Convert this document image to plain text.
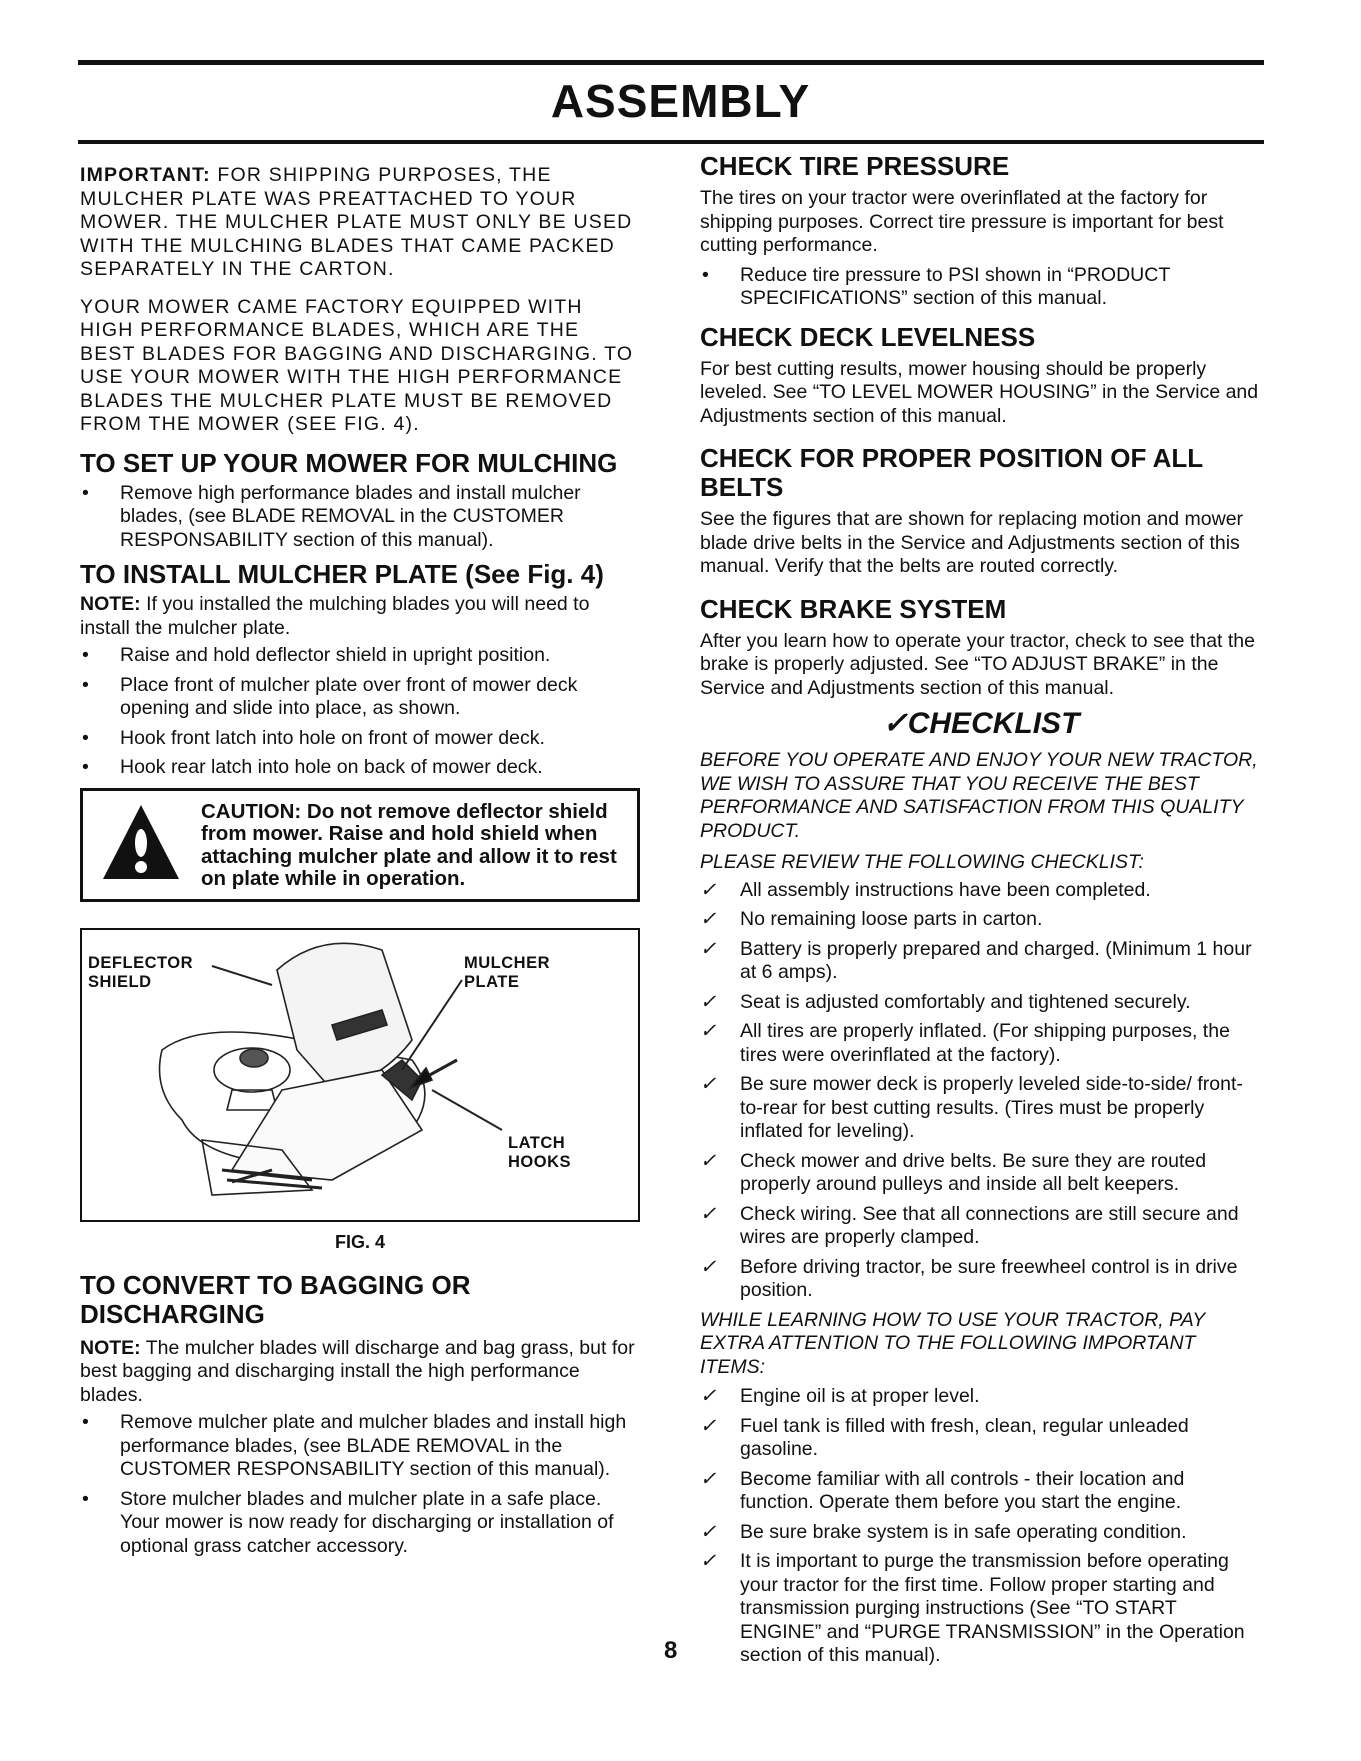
ASSEMBLY

IMPORTANT: FOR SHIPPING PURPOSES, THE MULCHER PLATE WAS PREATTACHED TO YOUR MOWER. THE MULCHER PLATE MUST ONLY BE USED WITH THE MULCHING BLADES THAT CAME PACKED SEPARATELY IN THE CARTON.

YOUR MOWER CAME FACTORY EQUIPPED WITH HIGH PERFORMANCE BLADES, WHICH ARE THE BEST BLADES FOR BAGGING AND DISCHARGING. TO USE YOUR MOWER WITH THE HIGH PERFORMANCE BLADES THE MULCHER PLATE MUST BE REMOVED FROM THE MOWER (SEE FIG. 4).

TO SET UP YOUR MOWER FOR MULCHING
• Remove high performance blades and install mulcher blades, (see BLADE REMOVAL in the CUSTOMER RESPONSABILITY section of this manual).
TO INSTALL MULCHER PLATE (See Fig. 4)

NOTE: If you installed the mulching blades you will need to install the mulcher plate.

• Raise and hold deflector shield in upright position.
• Place front of mulcher plate over front of mower deck opening and slide into place, as shown.
• Hook front latch into hole on front of mower deck.
• Hook rear latch into hole on back of mower deck.
CAUTION: Do not remove deflector shield from mower. Raise and hold shield when attaching mulcher plate and allow it to rest on plate while in operation.
DEFLECTOR
SHIELD
MULCHER
PLATE
LATCH
HOOKS
FIG. 4
TO CONVERT TO BAGGING OR DISCHARGING

NOTE: The mulcher blades will discharge and bag grass, but for best bagging and discharging install the high performance blades.

• Remove mulcher plate and mulcher blades and install high performance blades, (see BLADE REMOVAL in the CUSTOMER RESPONSABILITY section of this manual).
• Store mulcher blades and mulcher plate in a safe place. Your mower is now ready for discharging or installation of optional grass catcher accessory.
CHECK TIRE PRESSURE

The tires on your tractor were overinflated at the factory for shipping purposes. Correct tire pressure is important for best cutting performance.

• Reduce tire pressure to PSI shown in “PRODUCT SPECIFICATIONS” section of this manual.
CHECK DECK LEVELNESS

For best cutting results, mower housing should be properly leveled. See “TO LEVEL MOWER HOUSING” in the Service and Adjustments section of this manual.

CHECK FOR PROPER POSITION OF ALL BELTS

See the figures that are shown for replacing motion and mower blade drive belts in the Service and Adjustments section of this manual. Verify that the belts are routed correctly.

CHECK BRAKE SYSTEM

After you learn how to operate your tractor, check to see that the brake is properly adjusted. See “TO ADJUST BRAKE” in the Service and Adjustments section of this manual.

✓CHECKLIST

BEFORE YOU OPERATE AND ENJOY YOUR NEW TRACTOR, WE WISH TO ASSURE THAT YOU RECEIVE THE BEST PERFORMANCE AND SATISFACTION FROM THIS QUALITY PRODUCT.

PLEASE REVIEW THE FOLLOWING CHECKLIST:

✓ All assembly instructions have been completed.
✓ No remaining loose parts in carton.
✓ Battery is properly prepared and charged. (Minimum 1 hour at 6 amps).
✓ Seat is adjusted comfortably and tightened securely.
✓ All tires are properly inflated. (For shipping purposes, the tires were overinflated at the factory).
✓ Be sure mower deck is properly leveled side-to-side/ front-to-rear for best cutting results. (Tires must be properly inflated for leveling).
✓ Check mower and drive belts. Be sure they are routed properly around pulleys and inside all belt keepers.
✓ Check wiring. See that all connections are still secure and wires are properly clamped.
✓ Before driving tractor, be sure freewheel control is in drive position.

WHILE LEARNING HOW TO USE YOUR TRACTOR, PAY EXTRA ATTENTION TO THE FOLLOWING IMPORTANT ITEMS:

✓ Engine oil is at proper level.
✓ Fuel tank is filled with fresh, clean, regular unleaded gasoline.
✓ Become familiar with all controls - their location and function. Operate them before you start the engine.
✓ Be sure brake system is in safe operating condition.
✓ It is important to purge the transmission before operating your tractor for the first time. Follow proper starting and transmission purging instructions (See “TO START ENGINE” and “PURGE TRANSMISSION” in the Operation section of this manual).
8
